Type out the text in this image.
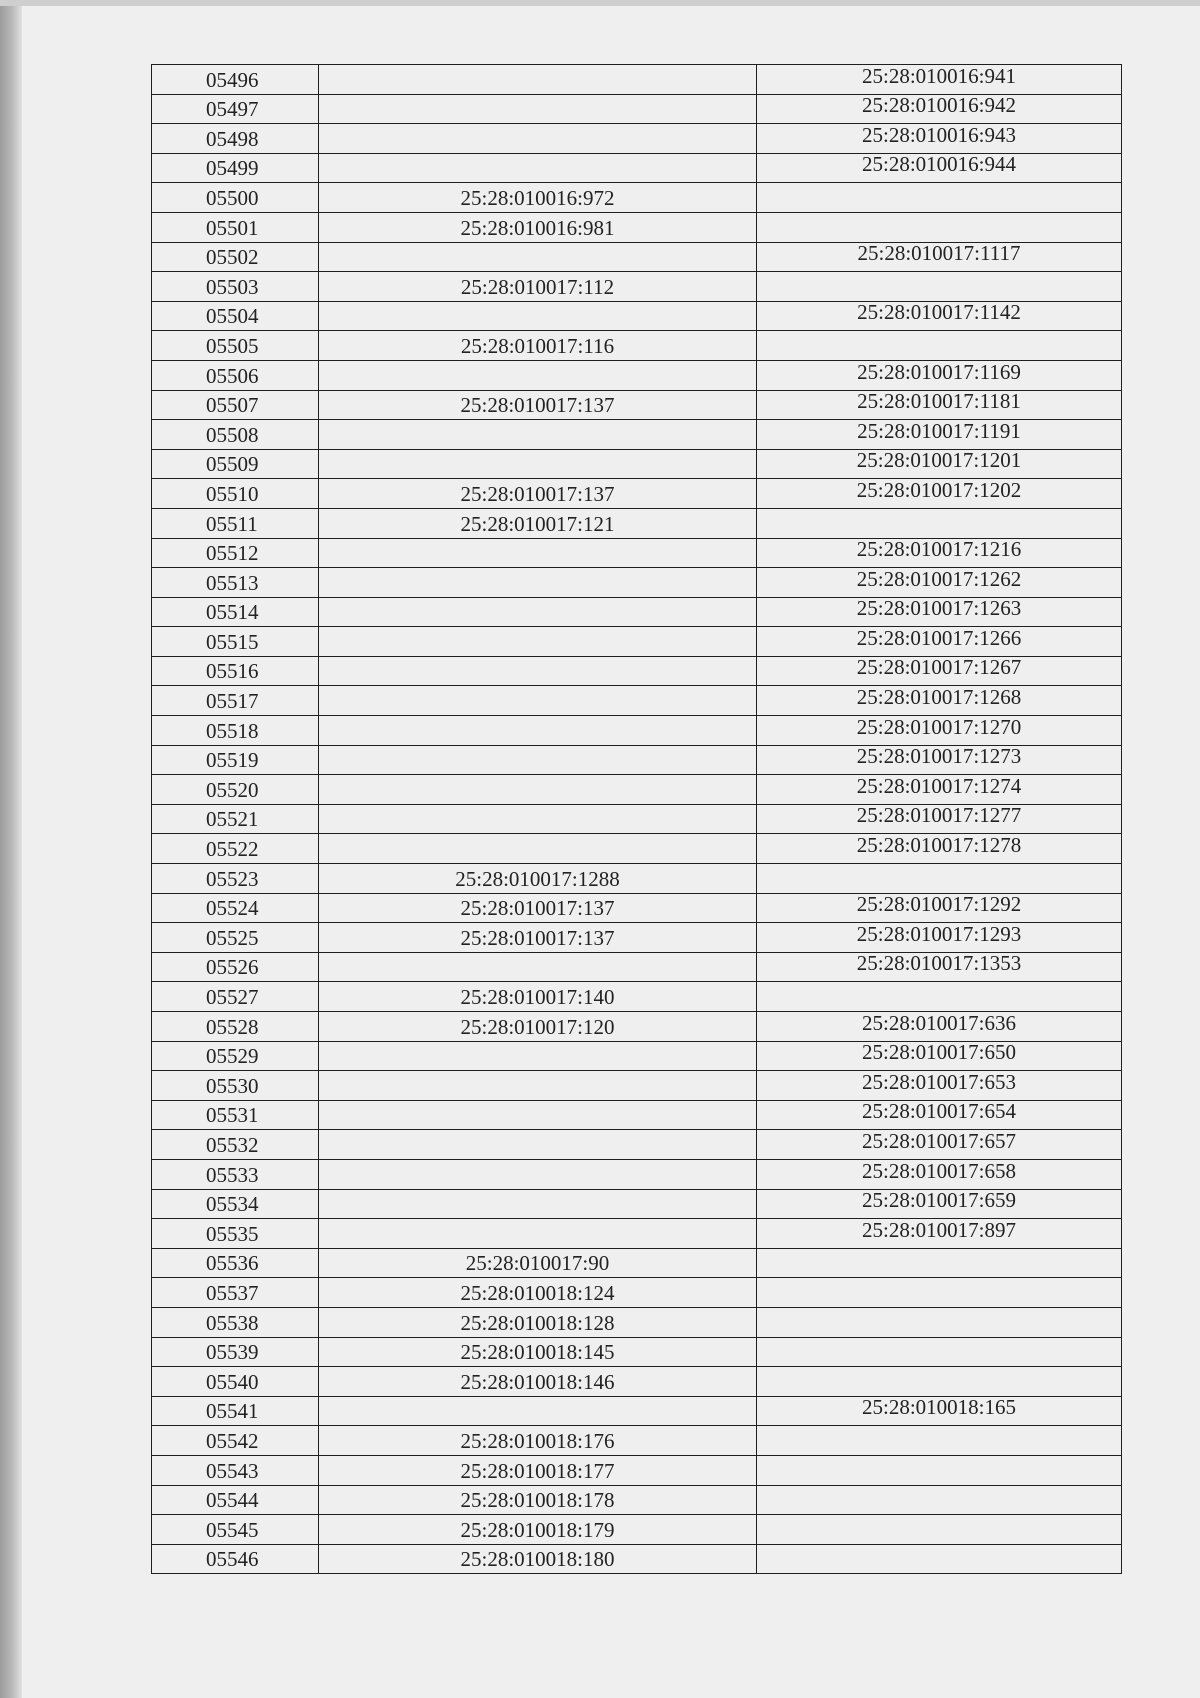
05496		25:28:010016:941
05497		25:28:010016:942
05498		25:28:010016:943
05499		25:28:010016:944
05500	25:28:010016:972	
05501	25:28:010016:981	
05502		25:28:010017:1117
05503	25:28:010017:112	
05504		25:28:010017:1142
05505	25:28:010017:116	
05506		25:28:010017:1169
05507	25:28:010017:137	25:28:010017:1181
05508		25:28:010017:1191
05509		25:28:010017:1201
05510	25:28:010017:137	25:28:010017:1202
05511	25:28:010017:121	
05512		25:28:010017:1216
05513		25:28:010017:1262
05514		25:28:010017:1263
05515		25:28:010017:1266
05516		25:28:010017:1267
05517		25:28:010017:1268
05518		25:28:010017:1270
05519		25:28:010017:1273
05520		25:28:010017:1274
05521		25:28:010017:1277
05522		25:28:010017:1278
05523	25:28:010017:1288	
05524	25:28:010017:137	25:28:010017:1292
05525	25:28:010017:137	25:28:010017:1293
05526		25:28:010017:1353
05527	25:28:010017:140	
05528	25:28:010017:120	25:28:010017:636
05529		25:28:010017:650
05530		25:28:010017:653
05531		25:28:010017:654
05532		25:28:010017:657
05533		25:28:010017:658
05534		25:28:010017:659
05535		25:28:010017:897
05536	25:28:010017:90	
05537	25:28:010018:124	
05538	25:28:010018:128	
05539	25:28:010018:145	
05540	25:28:010018:146	
05541		25:28:010018:165
05542	25:28:010018:176	
05543	25:28:010018:177	
05544	25:28:010018:178	
05545	25:28:010018:179	
05546	25:28:010018:180	
